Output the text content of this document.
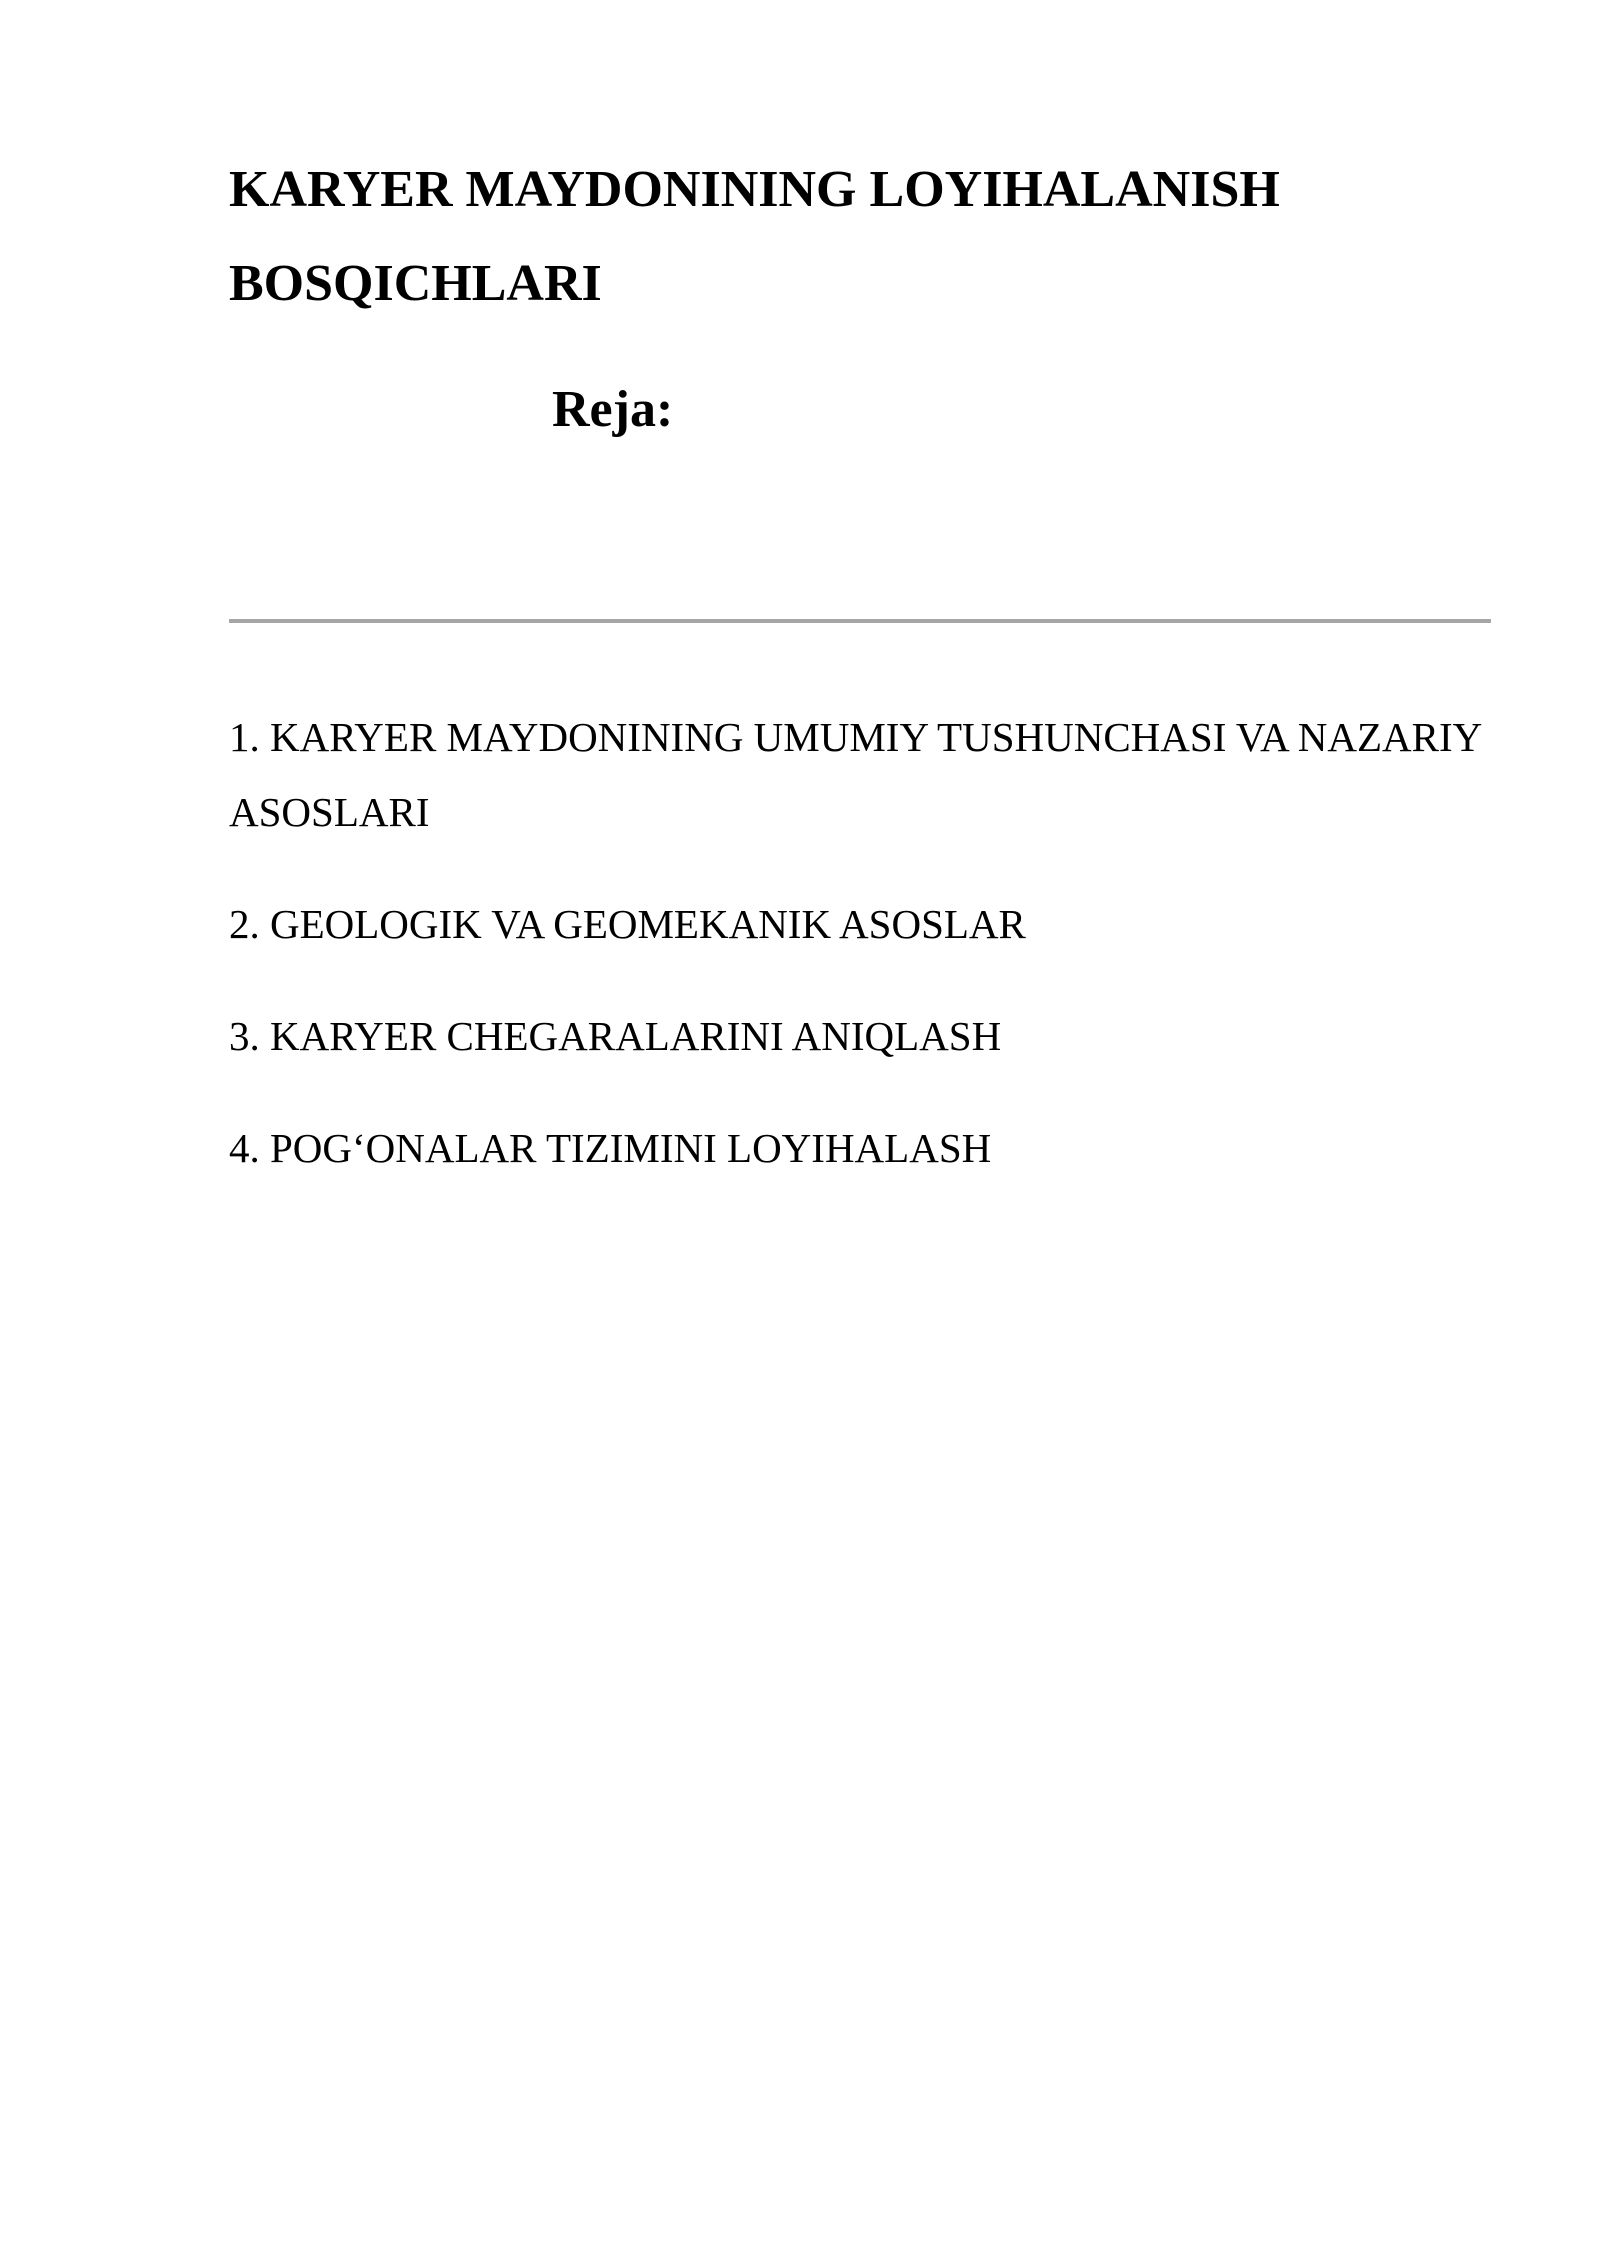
KARYER MAYDONINING LOYIHALANISH BOSQICHLARI
Reja:
1. KARYER MAYDONINING UMUMIY TUSHUNCHASI VA NAZARIY ASOSLARI
2. GEOLOGIK VA GEOMEKANIK ASOSLAR
3. KARYER CHEGARALARINI ANIQLASH
4. POG‘ONALAR TIZIMINI LOYIHALASH
